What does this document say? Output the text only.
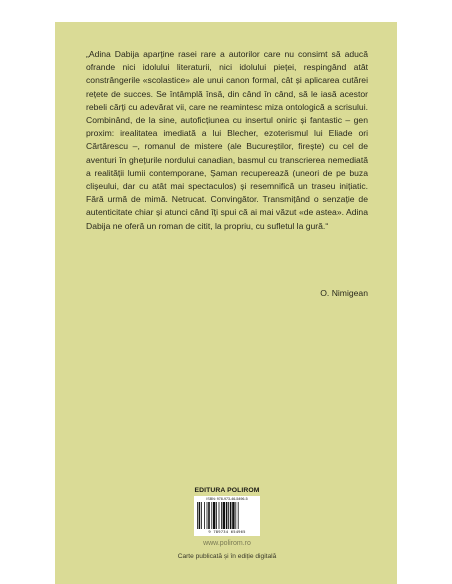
„Adina Dabija aparține rasei rare a autorilor care nu consimt să aducă ofrande nici idolului literaturii, nici idolului pieței, respingând atât constrângerile «scolastice» ale unui canon formal, cât și aplicarea cutărei rețete de succes. Se întâmplă însă, din când în când, să le iasă acestor rebeli cărți cu adevărat vii, care ne reamintesc miza ontologică a scrisului. Combinând, de la sine, autoficțiunea cu insertul oniric și fantastic – gen proxim: irealitatea imediată a lui Blecher, ezoterismul lui Eliade ori Cărtărescu –, romanul de mistere (ale Bucureștilor, firește) cu cel de aventuri în ghețurile nordului canadian, basmul cu transcrierea nemediată a realității lumii contemporane, Șaman recuperează (uneori de pe buza clișeului, dar cu atât mai spectaculos) și resemnifică un traseu inițiatic. Fără urmă de mimă. Netrucat. Convingător. Transmițând o senzație de autenticitate chiar și atunci când îți spui că ai mai văzut «de astea». Adina Dabija ne oferă un roman de citit, la propriu, cu sufletul la gură.“

O. Nimigean
EDITURA POLIROM
ISBN: 978-973-46-5496-5
9 789734 654965
www.polirom.ro
Carte publicată și în ediție digitală
